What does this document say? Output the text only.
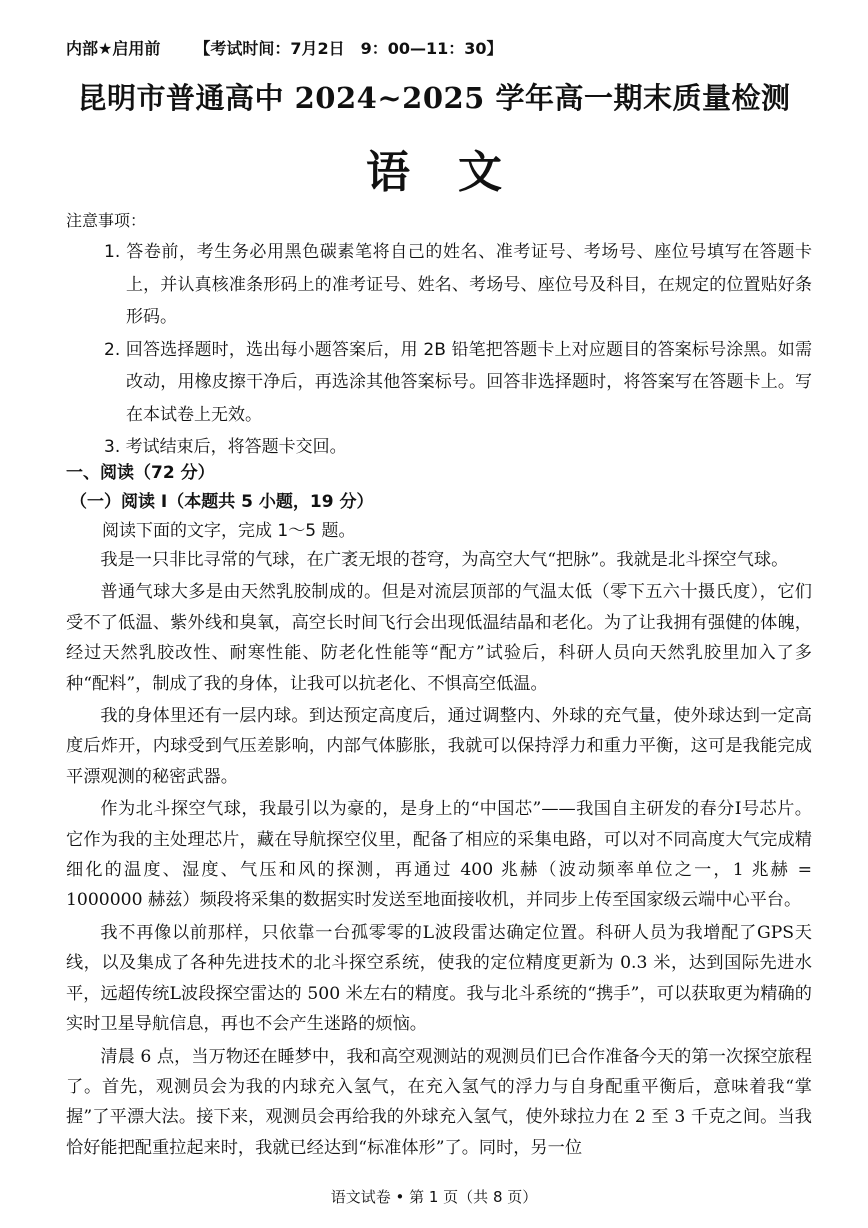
内部★启用前 【考试时间：7月2日　9：00—11：30】
昆明市普通高中 2024~2025 学年高一期末质量检测
语文
注意事项：

1. 答卷前，考生务必用黑色碳素笔将自己的姓名、准考证号、考场号、座位号填写在答题卡上，并认真核准条形码上的准考证号、姓名、考场号、座位号及科目，在规定的位置贴好条形码。

2. 回答选择题时，选出每小题答案后，用 2B 铅笔把答题卡上对应题目的答案标号涂黑。如需改动，用橡皮擦干净后，再选涂其他答案标号。回答非选择题时，将答案写在答题卡上。写在本试卷上无效。

3. 考试结束后，将答题卡交回。

一、阅读（72 分）
（一）阅读 I（本题共 5 小题，19 分）
阅读下面的文字，完成 1～5 题。

我是一只非比寻常的气球，在广袤无垠的苍穹，为高空大气“把脉”。我就是北斗探空气球。

普通气球大多是由天然乳胶制成的。但是对流层顶部的气温太低（零下五六十摄氏度），它们受不了低温、紫外线和臭氧，高空长时间飞行会出现低温结晶和老化。为了让我拥有强健的体魄，经过天然乳胶改性、耐寒性能、防老化性能等“配方”试验后，科研人员向天然乳胶里加入了多种“配料”，制成了我的身体，让我可以抗老化、不惧高空低温。

我的身体里还有一层内球。到达预定高度后，通过调整内、外球的充气量，使外球达到一定高度后炸开，内球受到气压差影响，内部气体膨胀，我就可以保持浮力和重力平衡，这可是我能完成平漂观测的秘密武器。

作为北斗探空气球，我最引以为豪的，是身上的“中国芯”——我国自主研发的春分I号芯片。它作为我的主处理芯片，藏在导航探空仪里，配备了相应的采集电路，可以对不同高度大气完成精细化的温度、湿度、气压和风的探测，再通过 400 兆赫（波动频率单位之一，1 兆赫 = 1000000 赫兹）频段将采集的数据实时发送至地面接收机，并同步上传至国家级云端中心平台。

我不再像以前那样，只依靠一台孤零零的L波段雷达确定位置。科研人员为我增配了GPS天线，以及集成了各种先进技术的北斗探空系统，使我的定位精度更新为 0.3 米，达到国际先进水平，远超传统L波段探空雷达的 500 米左右的精度。我与北斗系统的“携手”，可以获取更为精确的实时卫星导航信息，再也不会产生迷路的烦恼。

清晨 6 点，当万物还在睡梦中，我和高空观测站的观测员们已合作准备今天的第一次探空旅程了。首先，观测员会为我的内球充入氢气，在充入氢气的浮力与自身配重平衡后，意味着我“掌握”了平漂大法。接下来，观测员会再给我的外球充入氢气，使外球拉力在 2 至 3 千克之间。当我恰好能把配重拉起来时，我就已经达到“标准体形”了。同时，另一位

语文试卷 • 第 1 页（共 8 页）
